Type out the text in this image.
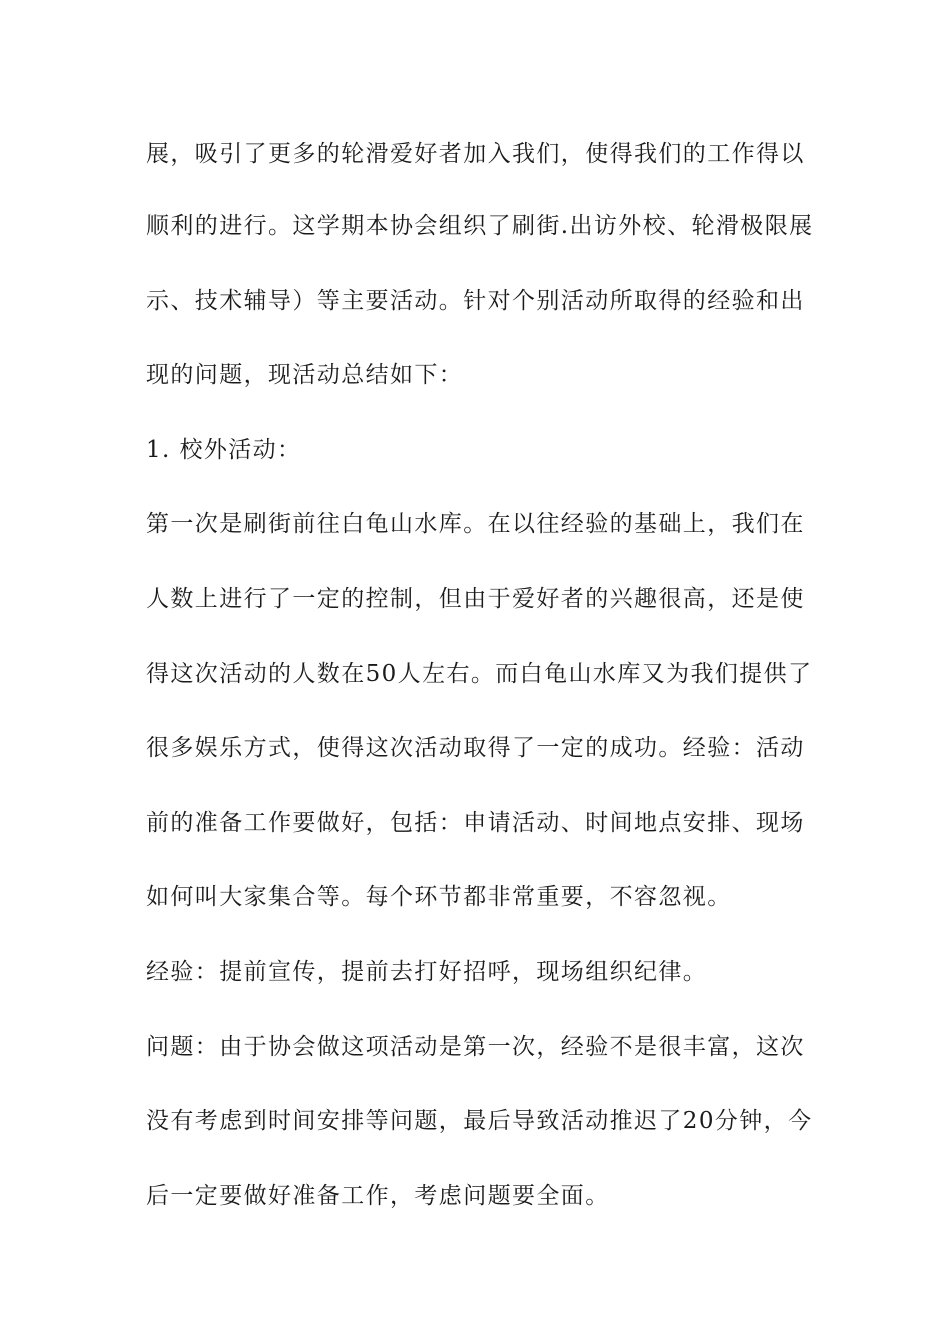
展，吸引了更多的轮滑爱好者加入我们，使得我们的工作得以
顺利的进行。这学期本协会组织了刷街.出访外校、轮滑极限展
示、技术辅导）等主要活动。针对个别活动所取得的经验和出
现的问题，现活动总结如下：
1. 校外活动：
第一次是刷街前往白龟山水库。在以往经验的基础上，我们在
人数上进行了一定的控制，但由于爱好者的兴趣很高，还是使
得这次活动的人数在50人左右。而白龟山水库又为我们提供了
很多娱乐方式，使得这次活动取得了一定的成功。经验：活动
前的准备工作要做好，包括：申请活动、时间地点安排、现场
如何叫大家集合等。每个环节都非常重要，不容忽视。
经验：提前宣传，提前去打好招呼，现场组织纪律。
问题：由于协会做这项活动是第一次，经验不是很丰富，这次
没有考虑到时间安排等问题，最后导致活动推迟了20分钟，今
后一定要做好准备工作，考虑问题要全面。
